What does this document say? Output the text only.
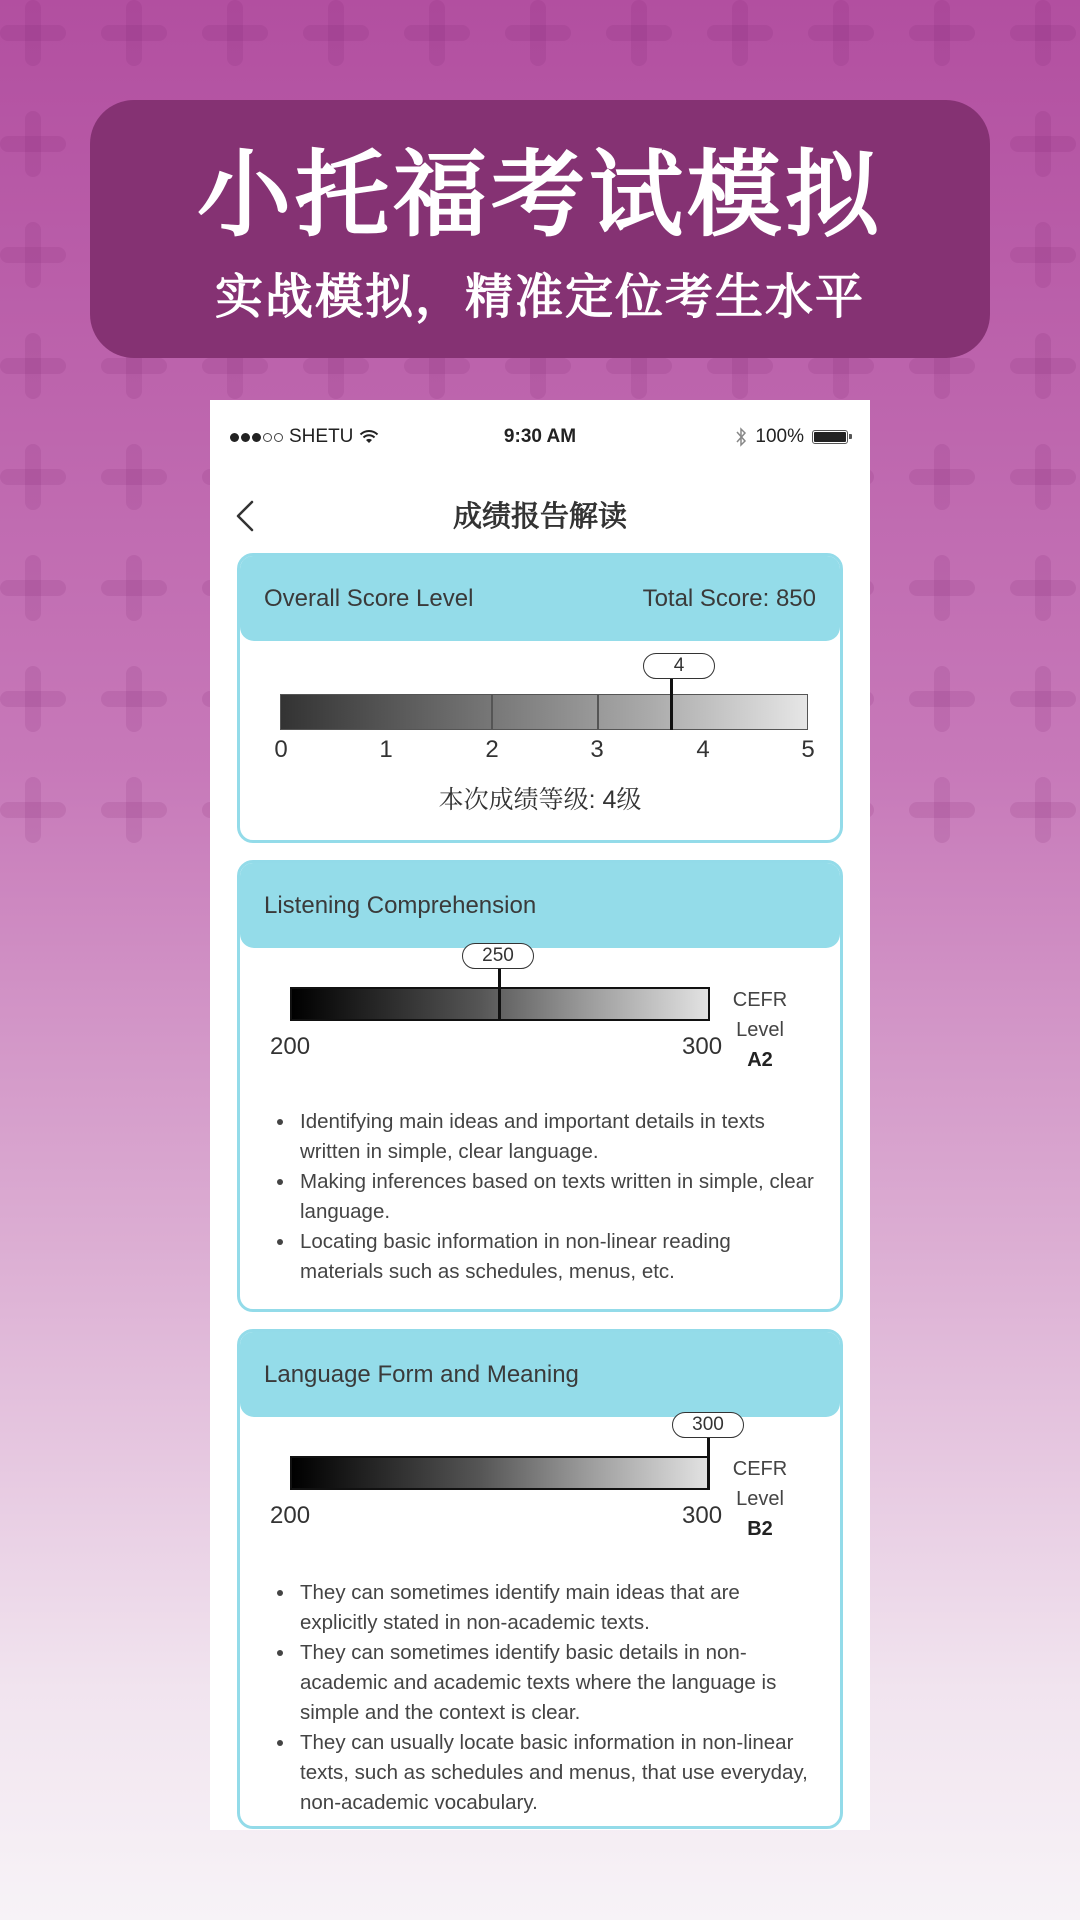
小托福考试模拟
实战模拟，精准定位考生水平
SHETU	9:30 AM	100%
成绩报告解读
Overall Score Level	Total Score: 850
4
0	1	2	3	4	5
本次成绩等级: 4级
Listening Comprehension
250
200	300
CEFR
Level
A2
• Identifying main ideas and important details in texts written in simple, clear language.
• Making inferences based on texts written in simple, clear language.
• Locating basic information in non-linear reading materials such as schedules, menus, etc.
Language Form and Meaning
300
200	300
CEFR
Level
B2
• They can sometimes identify main ideas that are explicitly stated in non-academic texts.
• They can sometimes identify basic details in non-academic and academic texts where the language is simple and the context is clear.
• They can usually locate basic information in non-linear texts, such as schedules and menus, that use everyday, non-academic vocabulary.
